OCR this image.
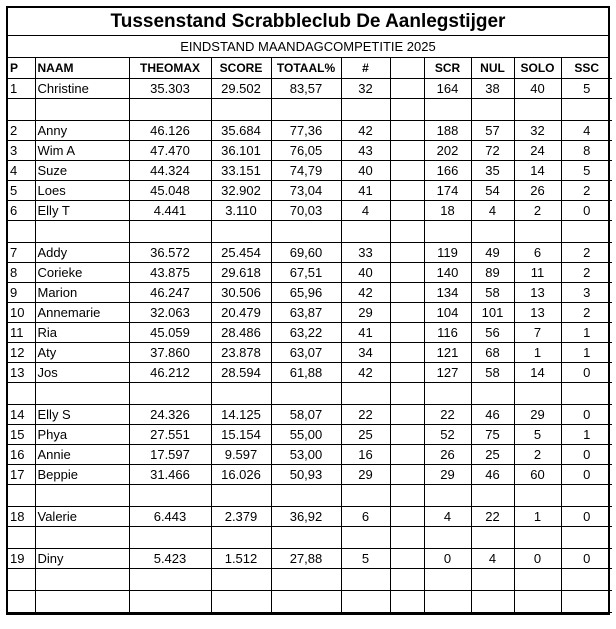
Tussenstand Scrabbleclub De Aanlegstijger
EINDSTAND MAANDAGCOMPETITIE 2025
P	NAAM	THEOMAX	SCORE	TOTAAL%	#		SCR	NUL	SOLO	SSC
1	Christine	35.303	29.502	83,57	32		164	38	40	5

2	Anny	46.126	35.684	77,36	42		188	57	32	4
3	Wim A	47.470	36.101	76,05	43		202	72	24	8
4	Suze	44.324	33.151	74,79	40		166	35	14	5
5	Loes	45.048	32.902	73,04	41		174	54	26	2
6	Elly T	4.441	3.110	70,03	4		18	4	2	0

7	Addy	36.572	25.454	69,60	33		119	49	6	2
8	Corieke	43.875	29.618	67,51	40		140	89	11	2
9	Marion	46.247	30.506	65,96	42		134	58	13	3
10	Annemarie	32.063	20.479	63,87	29		104	101	13	2
11	Ria	45.059	28.486	63,22	41		116	56	7	1
12	Aty	37.860	23.878	63,07	34		121	68	1	1
13	Jos	46.212	28.594	61,88	42		127	58	14	0

14	Elly S	24.326	14.125	58,07	22		22	46	29	0
15	Phya	27.551	15.154	55,00	25		52	75	5	1
16	Annie	17.597	9.597	53,00	16		26	25	2	0
17	Beppie	31.466	16.026	50,93	29		29	46	60	0

18	Valerie	6.443	2.379	36,92	6		4	22	1	0

19	Diny	5.423	1.512	27,88	5		0	4	0	0
